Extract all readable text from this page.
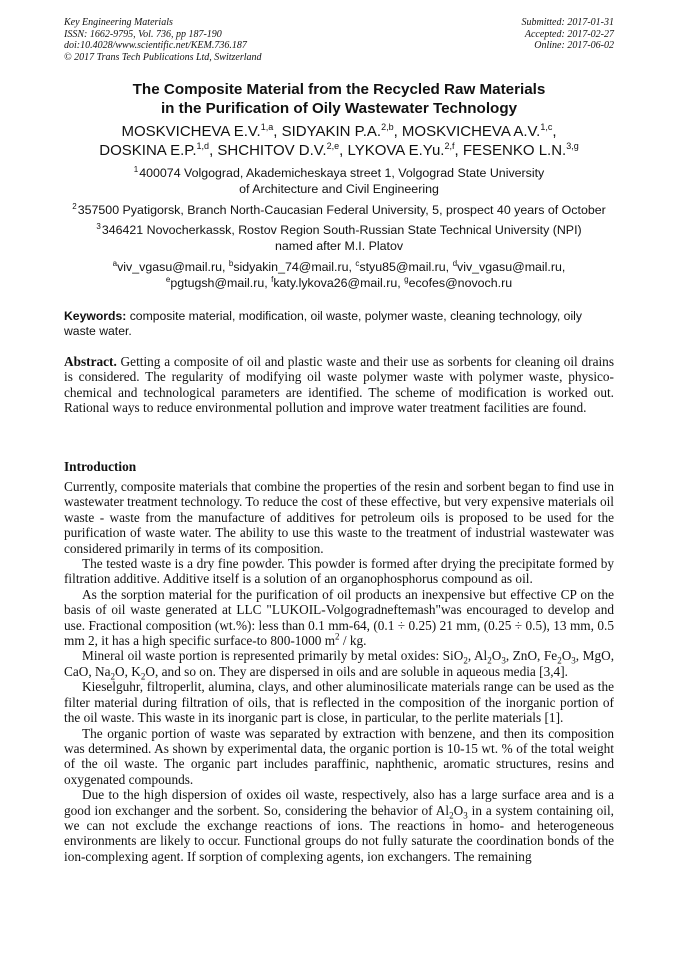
Key Engineering Materials
ISSN: 1662-9795, Vol. 736, pp 187-190
doi:10.4028/www.scientific.net/KEM.736.187
© 2017 Trans Tech Publications Ltd, Switzerland
Submitted: 2017-01-31
Accepted: 2017-02-27
Online: 2017-06-02
The Composite Material from the Recycled Raw Materials
in the Purification of Oily Wastewater Technology
MOSKVICHEVA E.V.$^{1,a}$, SIDYAKIN P.A.$^{2,b}$, MOSKVICHEVA A.V.$^{1,c}$,
DOSKINA E.P.$^{1,d}$, SHCHITOV D.V.$^{2,e}$, LYKOVA E.Yu.$^{2,f}$, FESENKO L.N.$^{3,g}$
$^1$ 400074 Volgograd, Akademicheskaya street 1, Volgograd State University
of Architecture and Civil Engineering
$^2$ 357500 Pyatigorsk, Branch North-Caucasian Federal University, 5, prospect 40 years of October
$^3$ 346421 Novocherkassk, Rostov Region South-Russian State Technical University (NPI)
named after M.I. Platov
$^a$viv_vgasu@mail.ru, $^b$sidyakin_74@mail.ru, $^c$styu85@mail.ru, $^d$viv_vgasu@mail.ru,
$^e$pgtugsh@mail.ru, $^f$katy.lykova26@mail.ru, $^g$ecofes@novoch.ru
Keywords: composite material, modification, oil waste, polymer waste, cleaning technology, oily waste water.
Abstract. Getting a composite of oil and plastic waste and their use as sorbents for cleaning oil drains is considered. The regularity of modifying oil waste polymer waste with polymer waste, physico-chemical and technological parameters are identified. The scheme of modification is worked out. Rational ways to reduce environmental pollution and improve water treatment facilities are found.
Introduction

Currently, composite materials that combine the properties of the resin and sorbent began to find use in wastewater treatment technology. To reduce the cost of these effective, but very expensive materials oil waste - waste from the manufacture of additives for petroleum oils is proposed to be used for the purification of waste water. The ability to use this waste to the treatment of industrial wastewater was considered primarily in terms of its composition.

The tested waste is a dry fine powder. This powder is formed after drying the precipitate formed by filtration additive. Additive itself is a solution of an organophosphorus compound as oil.

As the sorption material for the purification of oil products an inexpensive but effective CP on the basis of oil waste generated at LLC "LUKOIL-Volgogradneftemash"was encouraged to develop and use. Fractional composition (wt.%): less than 0.1 mm-64, (0.1 ÷ 0.25) 21 mm, (0.25 ÷ 0.5), 13 mm, 0.5 mm 2, it has a high specific surface-to 800-1000 $m^2$ / kg.

Mineral oil waste portion is represented primarily by metal oxides: SiO$_2$, $Al_2O_3$, ZnO, $Fe_2O_3$, MgO, CaO, $Na_2O$, $K_2O$, and so on. They are dispersed in oils and are soluble in aqueous media [3,4].

Kieselguhr, filtroperlit, alumina, clays, and other aluminosilicate materials range can be used as the filter material during filtration of oils, that is reflected in the composition of the inorganic portion of the oil waste. This waste in its inorganic part is close, in particular, to the perlite materials [1].

The organic portion of waste was separated by extraction with benzene, and then its composition was determined. As shown by experimental data, the organic portion is 10-15 wt. % of the total weight of the oil waste. The organic part includes paraffinic, naphthenic, aromatic structures, resins and oxygenated compounds.

Due to the high dispersion of oxides oil waste, respectively, also has a large surface area and is a good ion exchanger and the sorbent. So, considering the behavior of $Al_2O_3$ in a system containing oil, we can not exclude the exchange reactions of ions. The reactions in homo- and heterogeneous environments are likely to occur. Functional groups do not fully saturate the coordination bonds of the ion-complexing agent. If sorption of complexing agents, ion exchangers. The remaining
